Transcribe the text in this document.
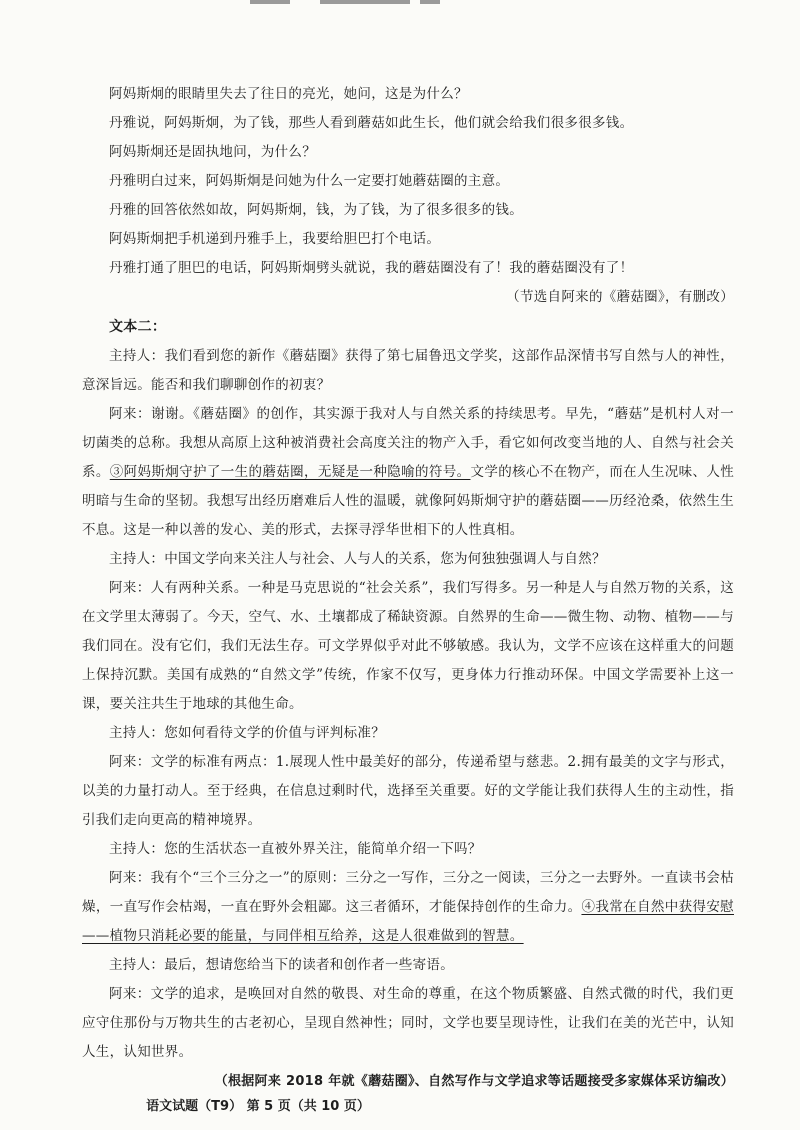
阿妈斯炯的眼睛里失去了往日的亮光，她问，这是为什么？

丹雅说，阿妈斯炯，为了钱，那些人看到蘑菇如此生长，他们就会给我们很多很多钱。

阿妈斯炯还是固执地问，为什么？

丹雅明白过来，阿妈斯炯是问她为什么一定要打她蘑菇圈的主意。

丹雅的回答依然如故，阿妈斯炯，钱，为了钱，为了很多很多的钱。

阿妈斯炯把手机递到丹雅手上，我要给胆巴打个电话。

丹雅打通了胆巴的电话，阿妈斯炯劈头就说，我的蘑菇圈没有了！我的蘑菇圈没有了！

（节选自阿来的《蘑菇圈》，有删改）

文本二：

主持人：我们看到您的新作《蘑菇圈》获得了第七届鲁迅文学奖，这部作品深情书写自然与人的神性，意深旨远。能否和我们聊聊创作的初衷？

阿来：谢谢。《蘑菇圈》的创作，其实源于我对人与自然关系的持续思考。早先，“蘑菇”是机村人对一切菌类的总称。我想从高原上这种被消费社会高度关注的物产入手，看它如何改变当地的人、自然与社会关系。③阿妈斯炯守护了一生的蘑菇圈，无疑是一种隐喻的符号。文学的核心不在物产，而在人生况味、人性明暗与生命的坚韧。我想写出经历磨难后人性的温暖，就像阿妈斯炯守护的蘑菇圈——历经沧桑，依然生生不息。这是一种以善的发心、美的形式，去探寻浮华世相下的人性真相。

主持人：中国文学向来关注人与社会、人与人的关系，您为何独独强调人与自然？

阿来：人有两种关系。一种是马克思说的“社会关系”，我们写得多。另一种是人与自然万物的关系，这在文学里太薄弱了。今天，空气、水、土壤都成了稀缺资源。自然界的生命——微生物、动物、植物——与我们同在。没有它们，我们无法生存。可文学界似乎对此不够敏感。我认为，文学不应该在这样重大的问题上保持沉默。美国有成熟的“自然文学”传统，作家不仅写，更身体力行推动环保。中国文学需要补上这一课，要关注共生于地球的其他生命。

主持人：您如何看待文学的价值与评判标准？

阿来：文学的标准有两点：1.展现人性中最美好的部分，传递希望与慈悲。2.拥有最美的文字与形式，以美的力量打动人。至于经典，在信息过剩时代，选择至关重要。好的文学能让我们获得人生的主动性，指引我们走向更高的精神境界。

主持人：您的生活状态一直被外界关注，能简单介绍一下吗？

阿来：我有个“三个三分之一”的原则：三分之一写作，三分之一阅读，三分之一去野外。一直读书会枯燥，一直写作会枯竭，一直在野外会粗鄙。这三者循环，才能保持创作的生命力。④我常在自然中获得安慰——植物只消耗必要的能量，与同伴相互给养，这是人很难做到的智慧。

主持人：最后，想请您给当下的读者和创作者一些寄语。

阿来：文学的追求，是唤回对自然的敬畏、对生命的尊重，在这个物质繁盛、自然式微的时代，我们更应守住那份与万物共生的古老初心，呈现自然神性；同时，文学也要呈现诗性，让我们在美的光芒中，认知人生，认知世界。

（根据阿来 2018 年就《蘑菇圈》、自然写作与文学追求等话题接受多家媒体采访编改）

语文试题（T9） 第 5 页（共 10 页）
